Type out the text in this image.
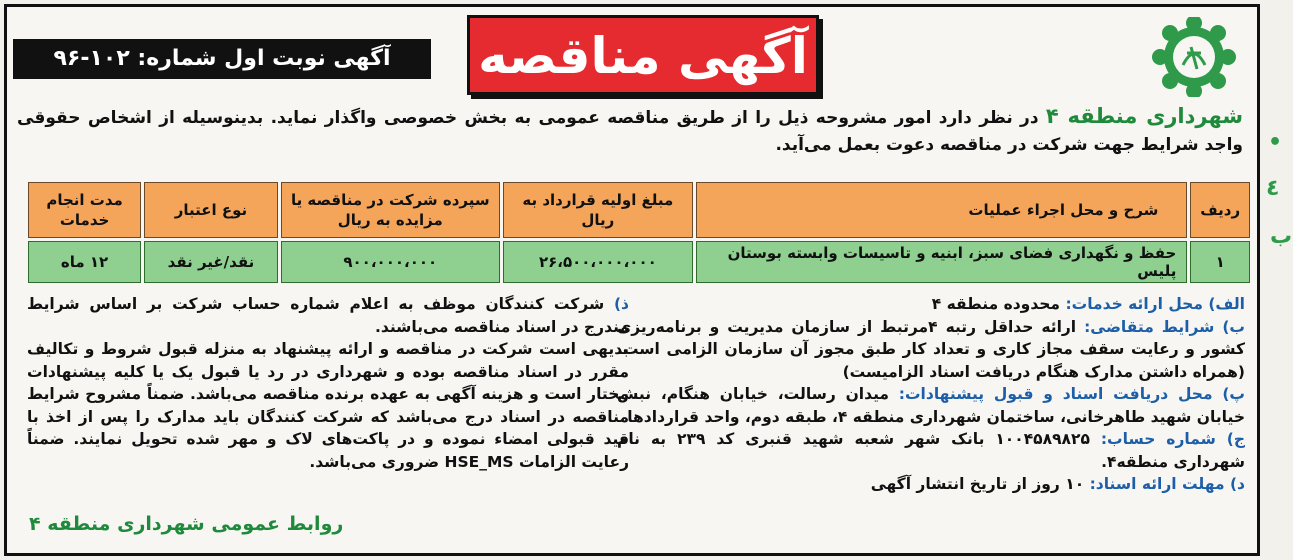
•
٤
ب
آگهی مناقصه
آگهی نوبت اول شماره: ۱۰۲-۹۶
شهرداری منطقه ۴ در نظر دارد امور مشروحه ذیل را از طریق مناقصه عمومی به بخش خصوصی واگذار نماید. بدینوسیله از اشخاص حقوقی واجد شرایط جهت شرکت در مناقصه دعوت بعمل می‌آید.
ردیف	شرح و محل اجراء عملیات	مبلغ اولیه قرارداد به ریال	سپرده شرکت در مناقصه یا مزایده به ریال	نوع اعتبار	مدت انجام خدمات
۱	حفظ و نگهداری فضای سبز، ابنیه و تاسیسات وابسته بوستان پلیس	۲۶،۵۰۰،۰۰۰،۰۰۰	۹۰۰،۰۰۰،۰۰۰	نقد/غیر نقد	۱۲ ماه
الف) محل ارائه خدمات: محدوده منطقه ۴
ب) شرایط متقاضی: ارائه حداقل رتبه ۴مرتبط از سازمان مدیریت و برنامه‌ریزی کشور و رعایت سقف مجاز کاری و تعداد کار طبق مجوز آن سازمان الزامی است. (همراه داشتن مدارک هنگام دریافت اسناد الزامیست)
پ) محل دریافت اسناد و قبول پیشنهادات: میدان رسالت، خیابان هنگام، نبش خیابان شهید طاهرخانی، ساختمان شهرداری منطقه ۴، طبقه دوم، واحد قراردادها
ج) شماره حساب: ۱۰۰۴۵۸۹۸۲۵ بانک شهر شعبه شهید قنبری کد ۲۳۹ به نام شهرداری منطقه۴.
د) مهلت ارائه اسناد: ۱۰ روز از تاریخ انتشار آگهی
ذ) شرکت کنندگان موظف به اعلام شماره حساب شرکت بر اساس شرایط مندرج در اسناد مناقصه می‌باشند.
بدیهی است شرکت در مناقصه و ارائه پیشنهاد به منزله قبول شروط و تکالیف مقرر در اسناد مناقصه بوده و شهرداری در رد یا قبول یک یا کلیه پیشنهادات مختار است و هزینه آگهی به عهده برنده مناقصه می‌باشد. ضمناً مشروح شرایط مناقصه در اسناد درج می‌باشد که شرکت کنندگان باید مدارک را پس از اخذ با قید قبولی امضاء نموده و در پاکت‌های لاک و مهر شده تحویل نمایند. ضمناً رعایت الزامات HSE_MS ضروری می‌باشد.
روابط عمومی شهرداری منطقه ۴
